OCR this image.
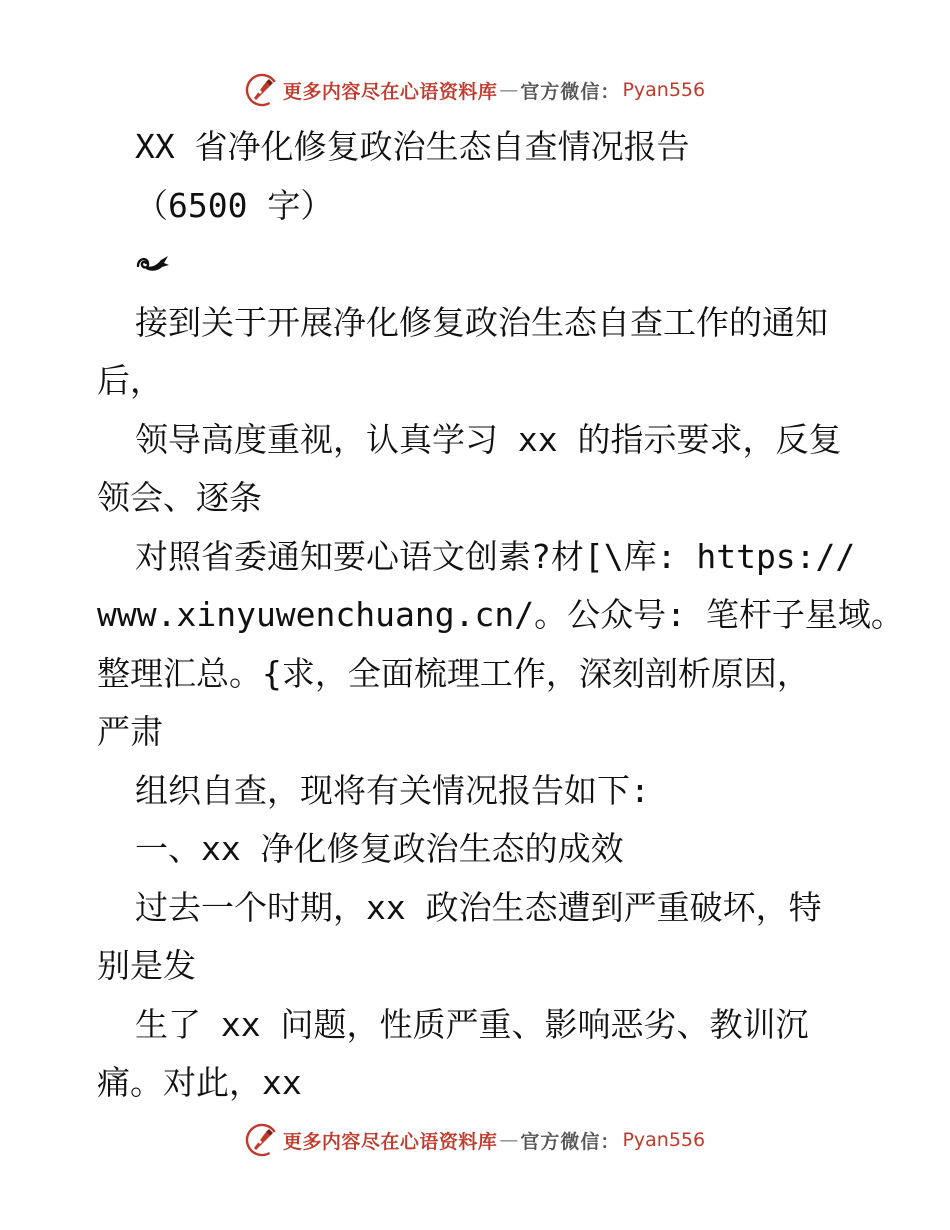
更多内容尽在心语资料库 — 官方微信： Pyan556
XX 省净化修复政治生态自查情况报告
（6500 字）
接到关于开展净化修复政治生态自查工作的通知
后，
领导高度重视，认真学习 xx 的指示要求，反复
领会、逐条
对照省委通知要心语文创素?材[\库: https://
www.xinyuwenchuang.cn/。公众号: 笔杆子星域。
整理汇总。{求，全面梳理工作，深刻剖析原因，
严肃
组织自查，现将有关情况报告如下:
一、xx 净化修复政治生态的成效
过去一个时期，xx 政治生态遭到严重破坏，特
别是发
生了 xx 问题，性质严重、影响恶劣、教训沉
痛。对此，xx
更多内容尽在心语资料库 — 官方微信： Pyan556
